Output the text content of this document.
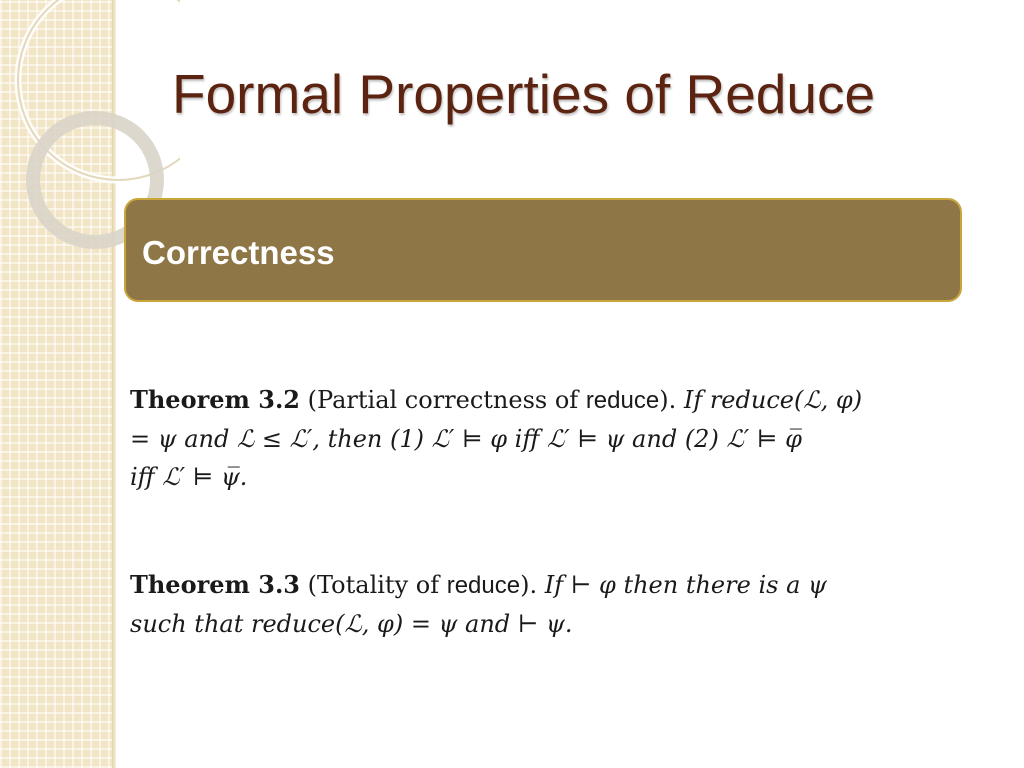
Formal Properties of Reduce
Correctness
Theorem 3.2 (Partial correctness of reduce). If reduce(ℒ, φ)
= ψ and ℒ ≤ ℒ′, then (1) ℒ′ ⊨ φ iff ℒ′ ⊨ ψ and (2) ℒ′ ⊨ φ̅
iff ℒ′ ⊨ ψ̅.
Theorem 3.3 (Totality of reduce). If ⊢ φ then there is a ψ
such that reduce(ℒ, φ) = ψ and ⊢ ψ.
